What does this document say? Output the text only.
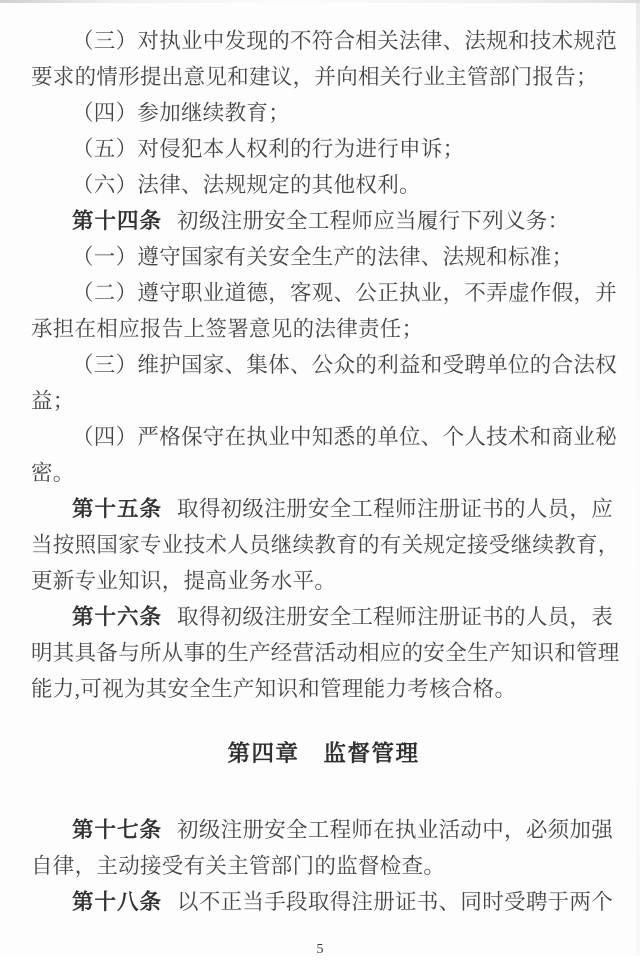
（三）对执业中发现的不符合相关法律、法规和技术规范
要求的情形提出意见和建议，并向相关行业主管部门报告；
（四）参加继续教育；
（五）对侵犯本人权利的行为进行申诉；
（六）法律、法规规定的其他权利。
第十四条 初级注册安全工程师应当履行下列义务：
（一）遵守国家有关安全生产的法律、法规和标准；
（二）遵守职业道德，客观、公正执业，不弄虚作假，并
承担在相应报告上签署意见的法律责任；
（三）维护国家、集体、公众的利益和受聘单位的合法权
益；
（四）严格保守在执业中知悉的单位、个人技术和商业秘
密。
第十五条 取得初级注册安全工程师注册证书的人员，应
当按照国家专业技术人员继续教育的有关规定接受继续教育，
更新专业知识，提高业务水平。
第十六条 取得初级注册安全工程师注册证书的人员，表
明其具备与所从事的生产经营活动相应的安全生产知识和管理
能力,可视为其安全生产知识和管理能力考核合格。
第四章　监督管理
第十七条 初级注册安全工程师在执业活动中，必须加强
自律，主动接受有关主管部门的监督检查。
第十八条 以不正当手段取得注册证书、同时受聘于两个
5
